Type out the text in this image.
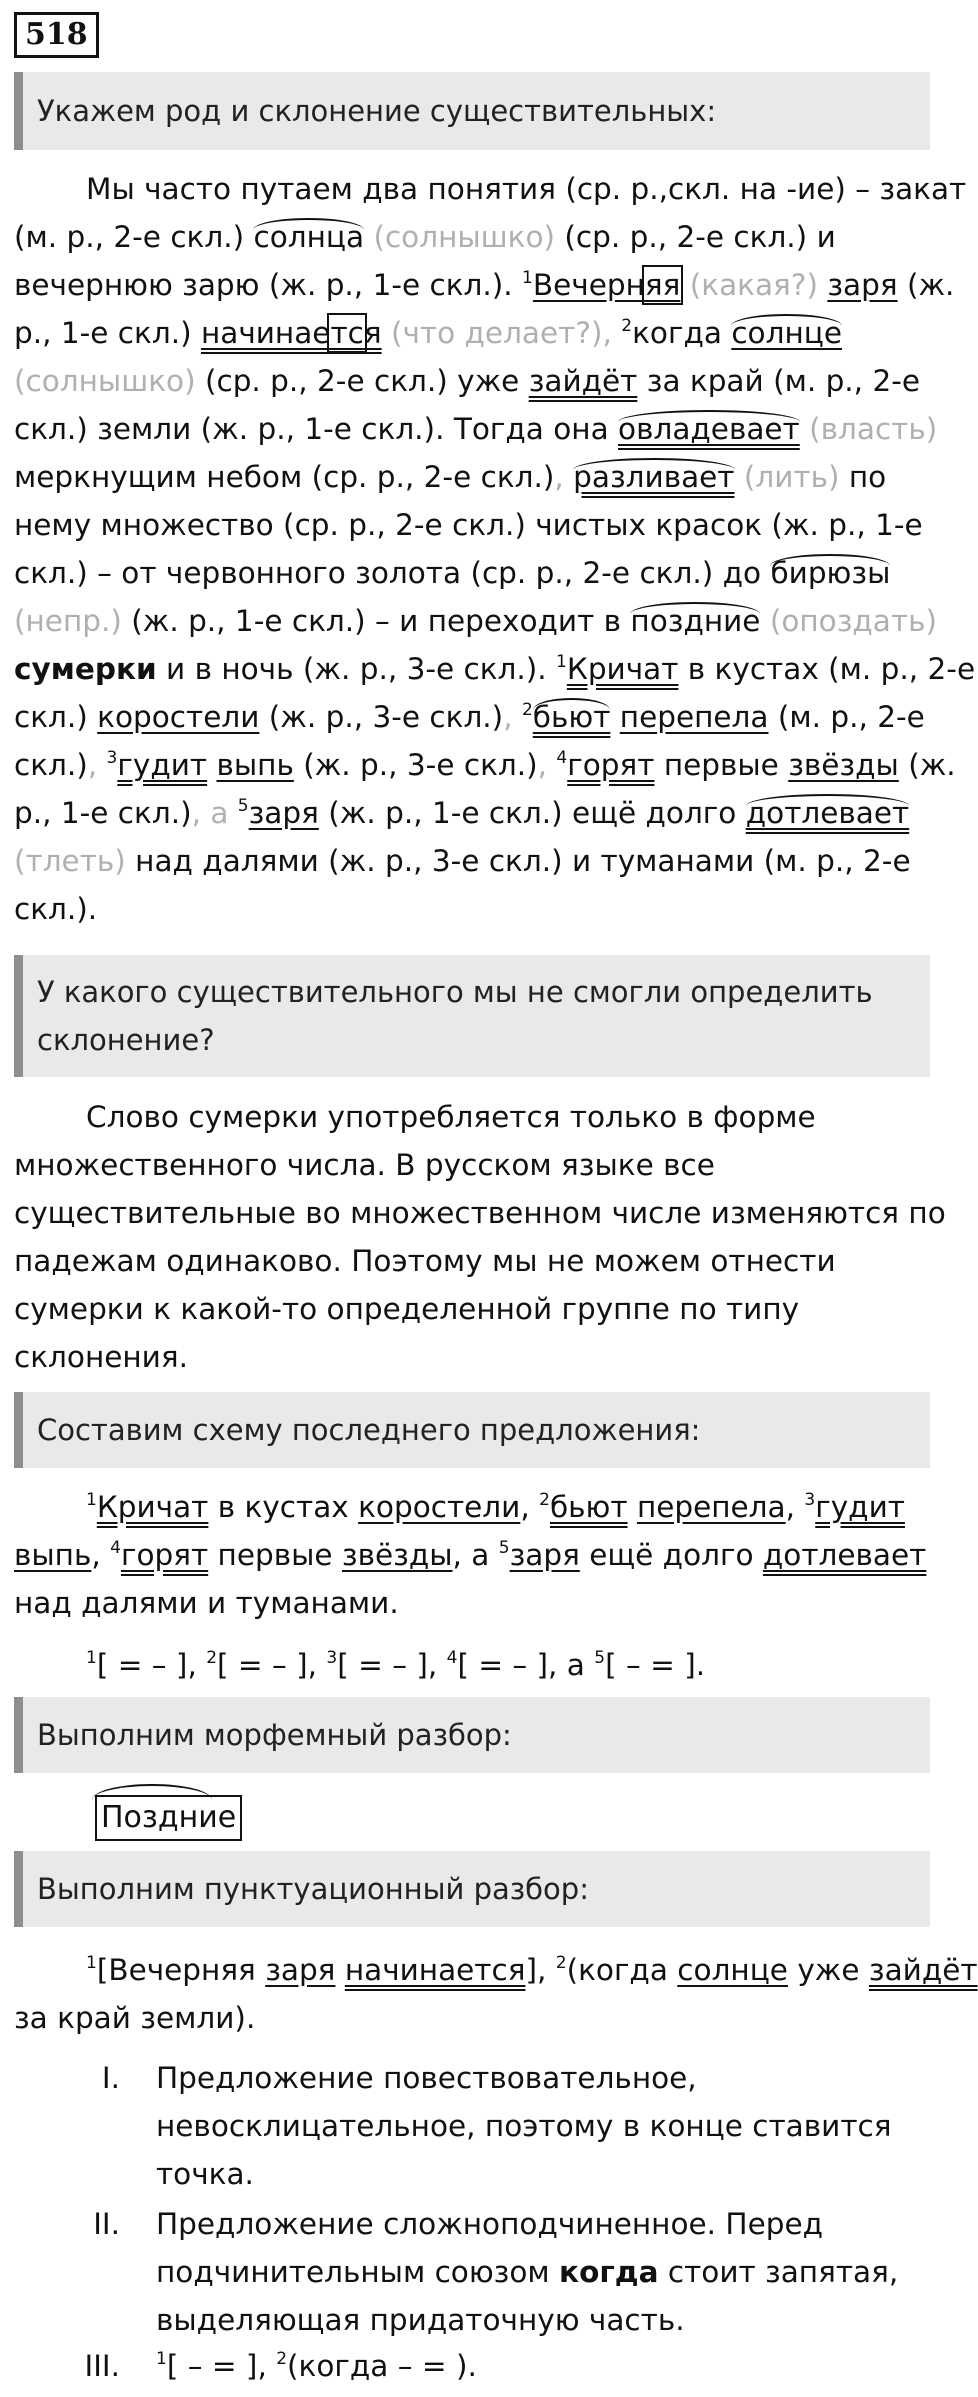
518
Укажем род и склонение существительных:
Мы часто путаем два понятия (ср. р.,скл. на -ие) – закат
(м. р., 2-е скл.) солнца (солнышко) (ср. р., 2-е скл.) и
вечернюю зарю (ж. р., 1-е скл.). $^1$Вечерняя (какая?) заря (ж.
р., 1-е скл.) начинается (что делает?), $^2$когда солнце
(солнышко) (ср. р., 2-е скл.) уже зайдёт за край (м. р., 2-е
скл.) земли (ж. р., 1-е скл.). Тогда она овладевает (власть)
меркнущим небом (ср. р., 2-е скл.), разливает (лить) по
нему множество (ср. р., 2-е скл.) чистых красок (ж. р., 1-е
скл.) – от червонного золота (ср. р., 2-е скл.) до бирюзы
(непр.) (ж. р., 1-е скл.) – и переходит в поздние (опоздать)
сумерки и в ночь (ж. р., 3-е скл.). $^1$Кричат в кустах (м. р., 2-е
скл.) коростели (ж. р., 3-е скл.), $^2$бьют перепела (м. р., 2-е
скл.), $^3$гудит выпь (ж. р., 3-е скл.), $^4$горят первые звёзды (ж.
р., 1-е скл.), а $^5$заря (ж. р., 1-е скл.) ещё долго дотлевает
(тлеть) над далями (ж. р., 3-е скл.) и туманами (м. р., 2-е
скл.).
У какого существительного мы не смогли определить
склонение?
Слово сумерки употребляется только в форме
множественного числа. В русском языке все
существительные во множественном числе изменяются по
падежам одинаково. Поэтому мы не можем отнести
сумерки к какой-то определенной группе по типу
склонения.
Составим схему последнего предложения:
$^1$Кричат в кустах коростели, $^2$бьют перепела, $^3$гудит
выпь, $^4$горят первые звёзды, а $^5$заря ещё долго дотлевает
над далями и туманами.
$^1$[ = – ], $^2$[ = – ], $^3$[ = – ], $^4$[ = – ], а $^5$[ – = ].
Выполним морфемный разбор:
Поздние
Выполним пунктуационный разбор:
$^1$[Вечерняя заря начинается], $^2$(когда солнце уже зайдёт
за край земли).
I. Предложение повествовательное,
невосклицательное, поэтому в конце ставится
точка.
II. Предложение сложноподчиненное. Перед
подчинительным союзом когда стоит запятая,
выделяющая придаточную часть.
III. $^1$[ – = ], $^2$(когда – = ).
